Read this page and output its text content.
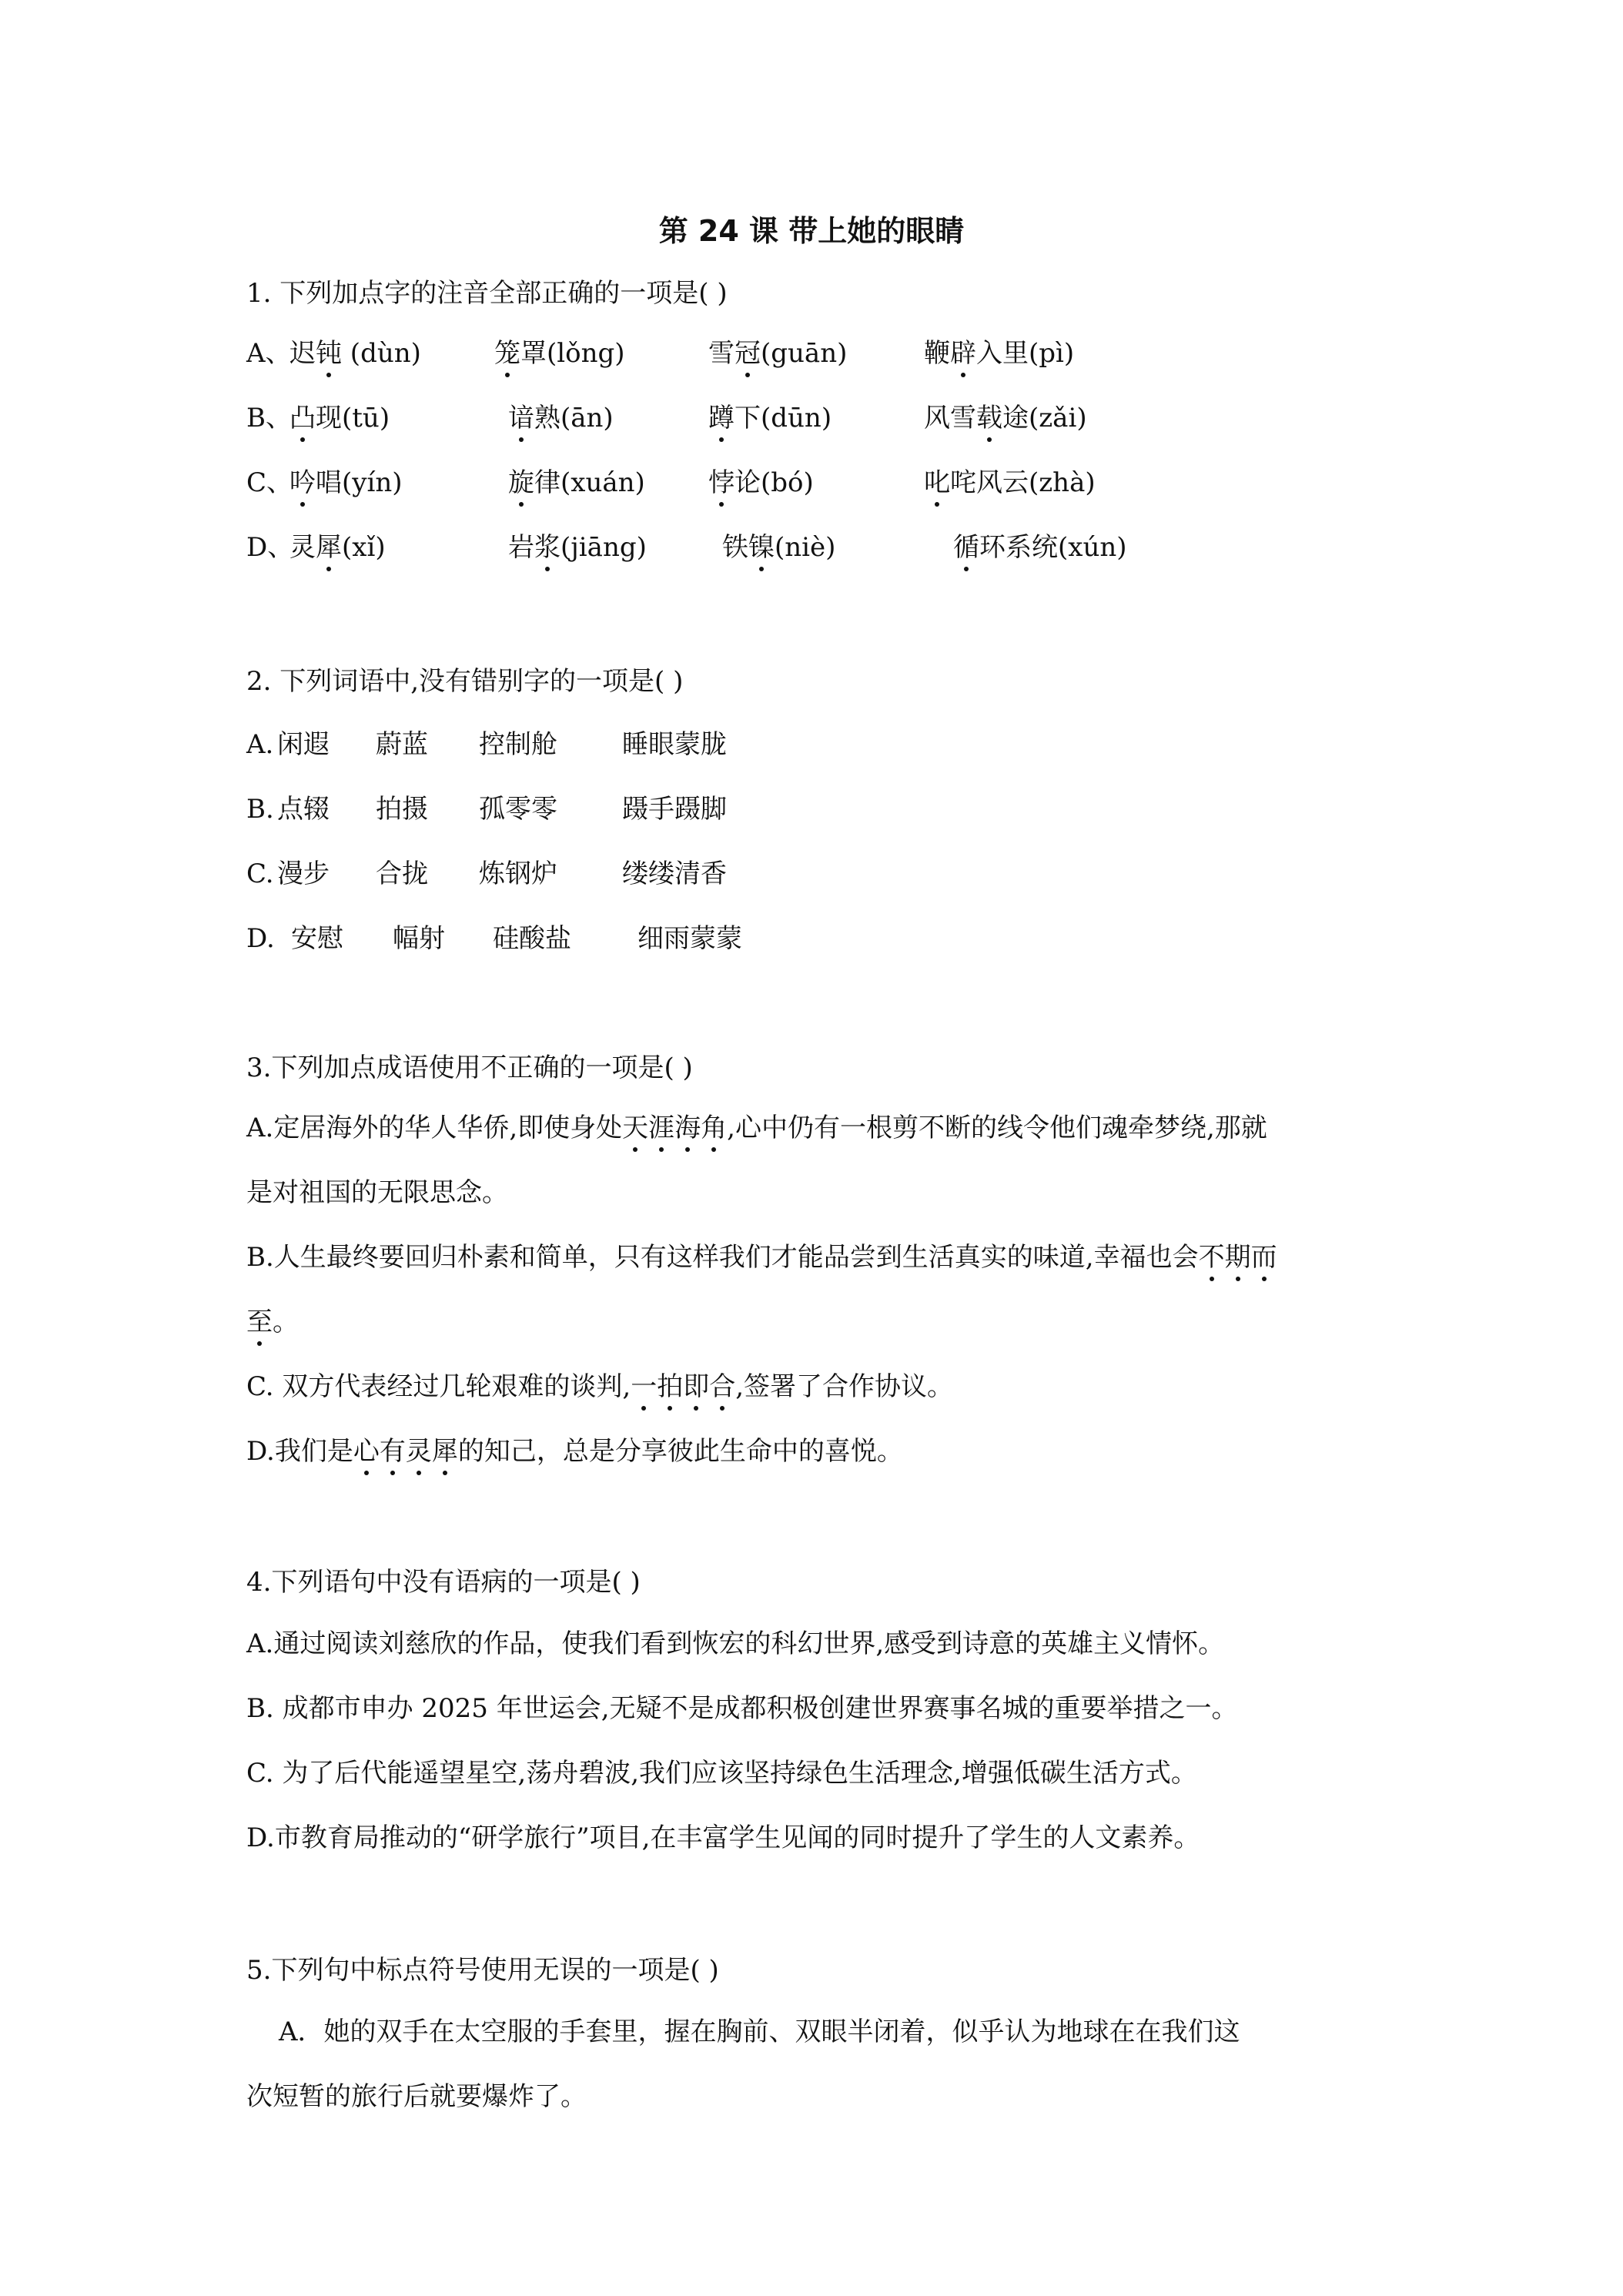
第 24 课 带上她的眼睛
1. 下列加点字的注音全部正确的一项是( )
A、
迟钝 (dùn)	笼罩(lǒng)	雪冠(guān)	鞭辟入里(pì)
B、
凸现(tū)	谙熟(ān)	蹲下(dūn)	风雪载途(zǎi)
C、
吟唱(yín)	旋律(xuán) 悖论(bó)	叱咤风云(zhà)
D、
灵犀(xǐ)	岩浆(jiāng)	铁镍(niè)	循环系统(xún)
2. 下列词语中,没有错别字的一项是( )
A. 闲遐 蔚蓝 控制舱 睡眼蒙胧
B. 点辍 拍摄 孤零零 蹑手蹑脚
C. 漫步 合拢 炼钢炉 缕缕清香
D. 安慰 幅射 硅酸盐	细雨蒙蒙
3.下列加点成语使用不正确的一项是( )
A.定居海外的华人华侨,即使身处天涯海角,心中仍有一根剪不断的线令他们魂牵梦绕,那就
是对祖国的无限思念。
B.人生最终要回归朴素和简单，只有这样我们才能品尝到生活真实的味道,幸福也会不期而
至。
C. 双方代表经过几轮艰难的谈判,一拍即合,签署了合作协议。
D.我们是心有灵犀的知己，总是分享彼此生命中的喜悦。
4.下列语句中没有语病的一项是( )
A.通过阅读刘慈欣的作品，使我们看到恢宏的科幻世界,感受到诗意的英雄主义情怀。
B. 成都市申办 2025 年世运会,无疑不是成都积极创建世界赛事名城的重要举措之一。
C. 为了后代能遥望星空,荡舟碧波,我们应该坚持绿色生活理念,增强低碳生活方式。
D.市教育局推动的“研学旅行”项目,在丰富学生见闻的同时提升了学生的人文素养。
5.下列句中标点符号使用无误的一项是( )
A．她的双手在太空服的手套里，握在胸前、双眼半闭着，似乎认为地球在在我们这
次短暂的旅行后就要爆炸了。
